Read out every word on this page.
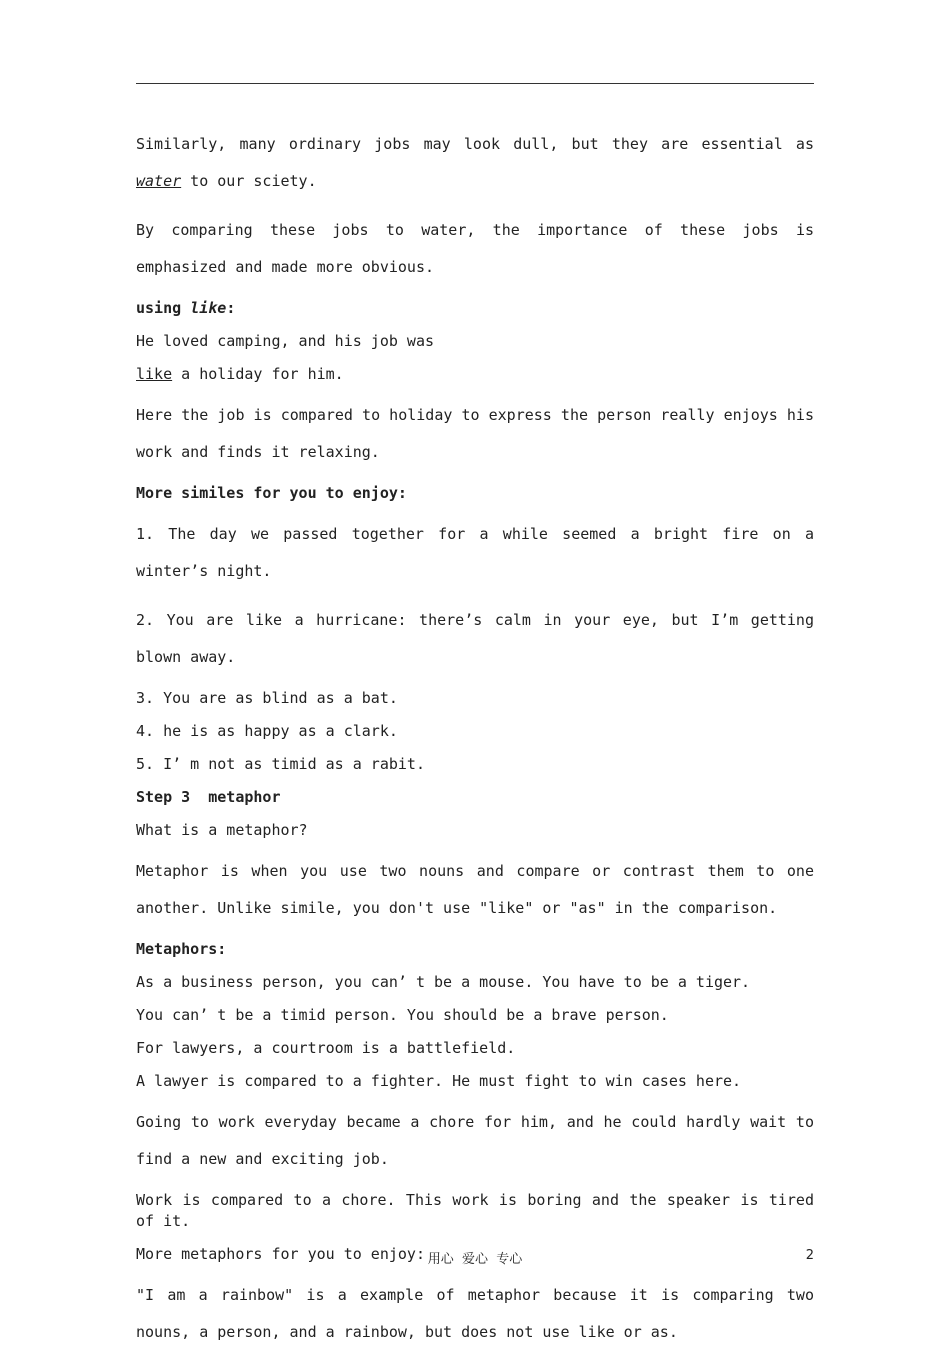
Similarly, many ordinary jobs may look dull, but they are essential as water to our sciety.

By comparing these jobs to water, the importance of these jobs is emphasized and made more obvious.

using like:

He loved camping, and his job was

like a holiday for him.

Here the job is compared to holiday to express the person really enjoys his work and finds it relaxing.

More similes for you to enjoy:

1. The day we passed together for a while seemed a bright fire on a winter’s night.

2. You are like a hurricane: there’s calm in your eye, but I’m getting blown away.

3. You are as blind as a bat.

4. he is as happy as a clark.

5. I’ m not as timid as a rabit.

Step 3  metaphor

What is a metaphor?

Metaphor is when you use two nouns and compare or contrast them to one another. Unlike simile, you don't use "like" or "as" in the comparison.

Metaphors:

As a business person, you can’ t be a mouse. You have to be a tiger.

You can’ t be a timid person. You should be a brave person.

For lawyers, a courtroom is a battlefield.

A lawyer is compared to a fighter. He must fight to win cases here.

Going to work everyday became a chore for him, and he could hardly wait to find a new and exciting job.

Work is compared to a chore. This work is boring and the speaker is tired of it.

More metaphors for you to enjoy:

"I am a rainbow" is a example of metaphor because it is comparing two nouns, a person, and a rainbow, but does not use like or as.

用心  爱心  专心	2
